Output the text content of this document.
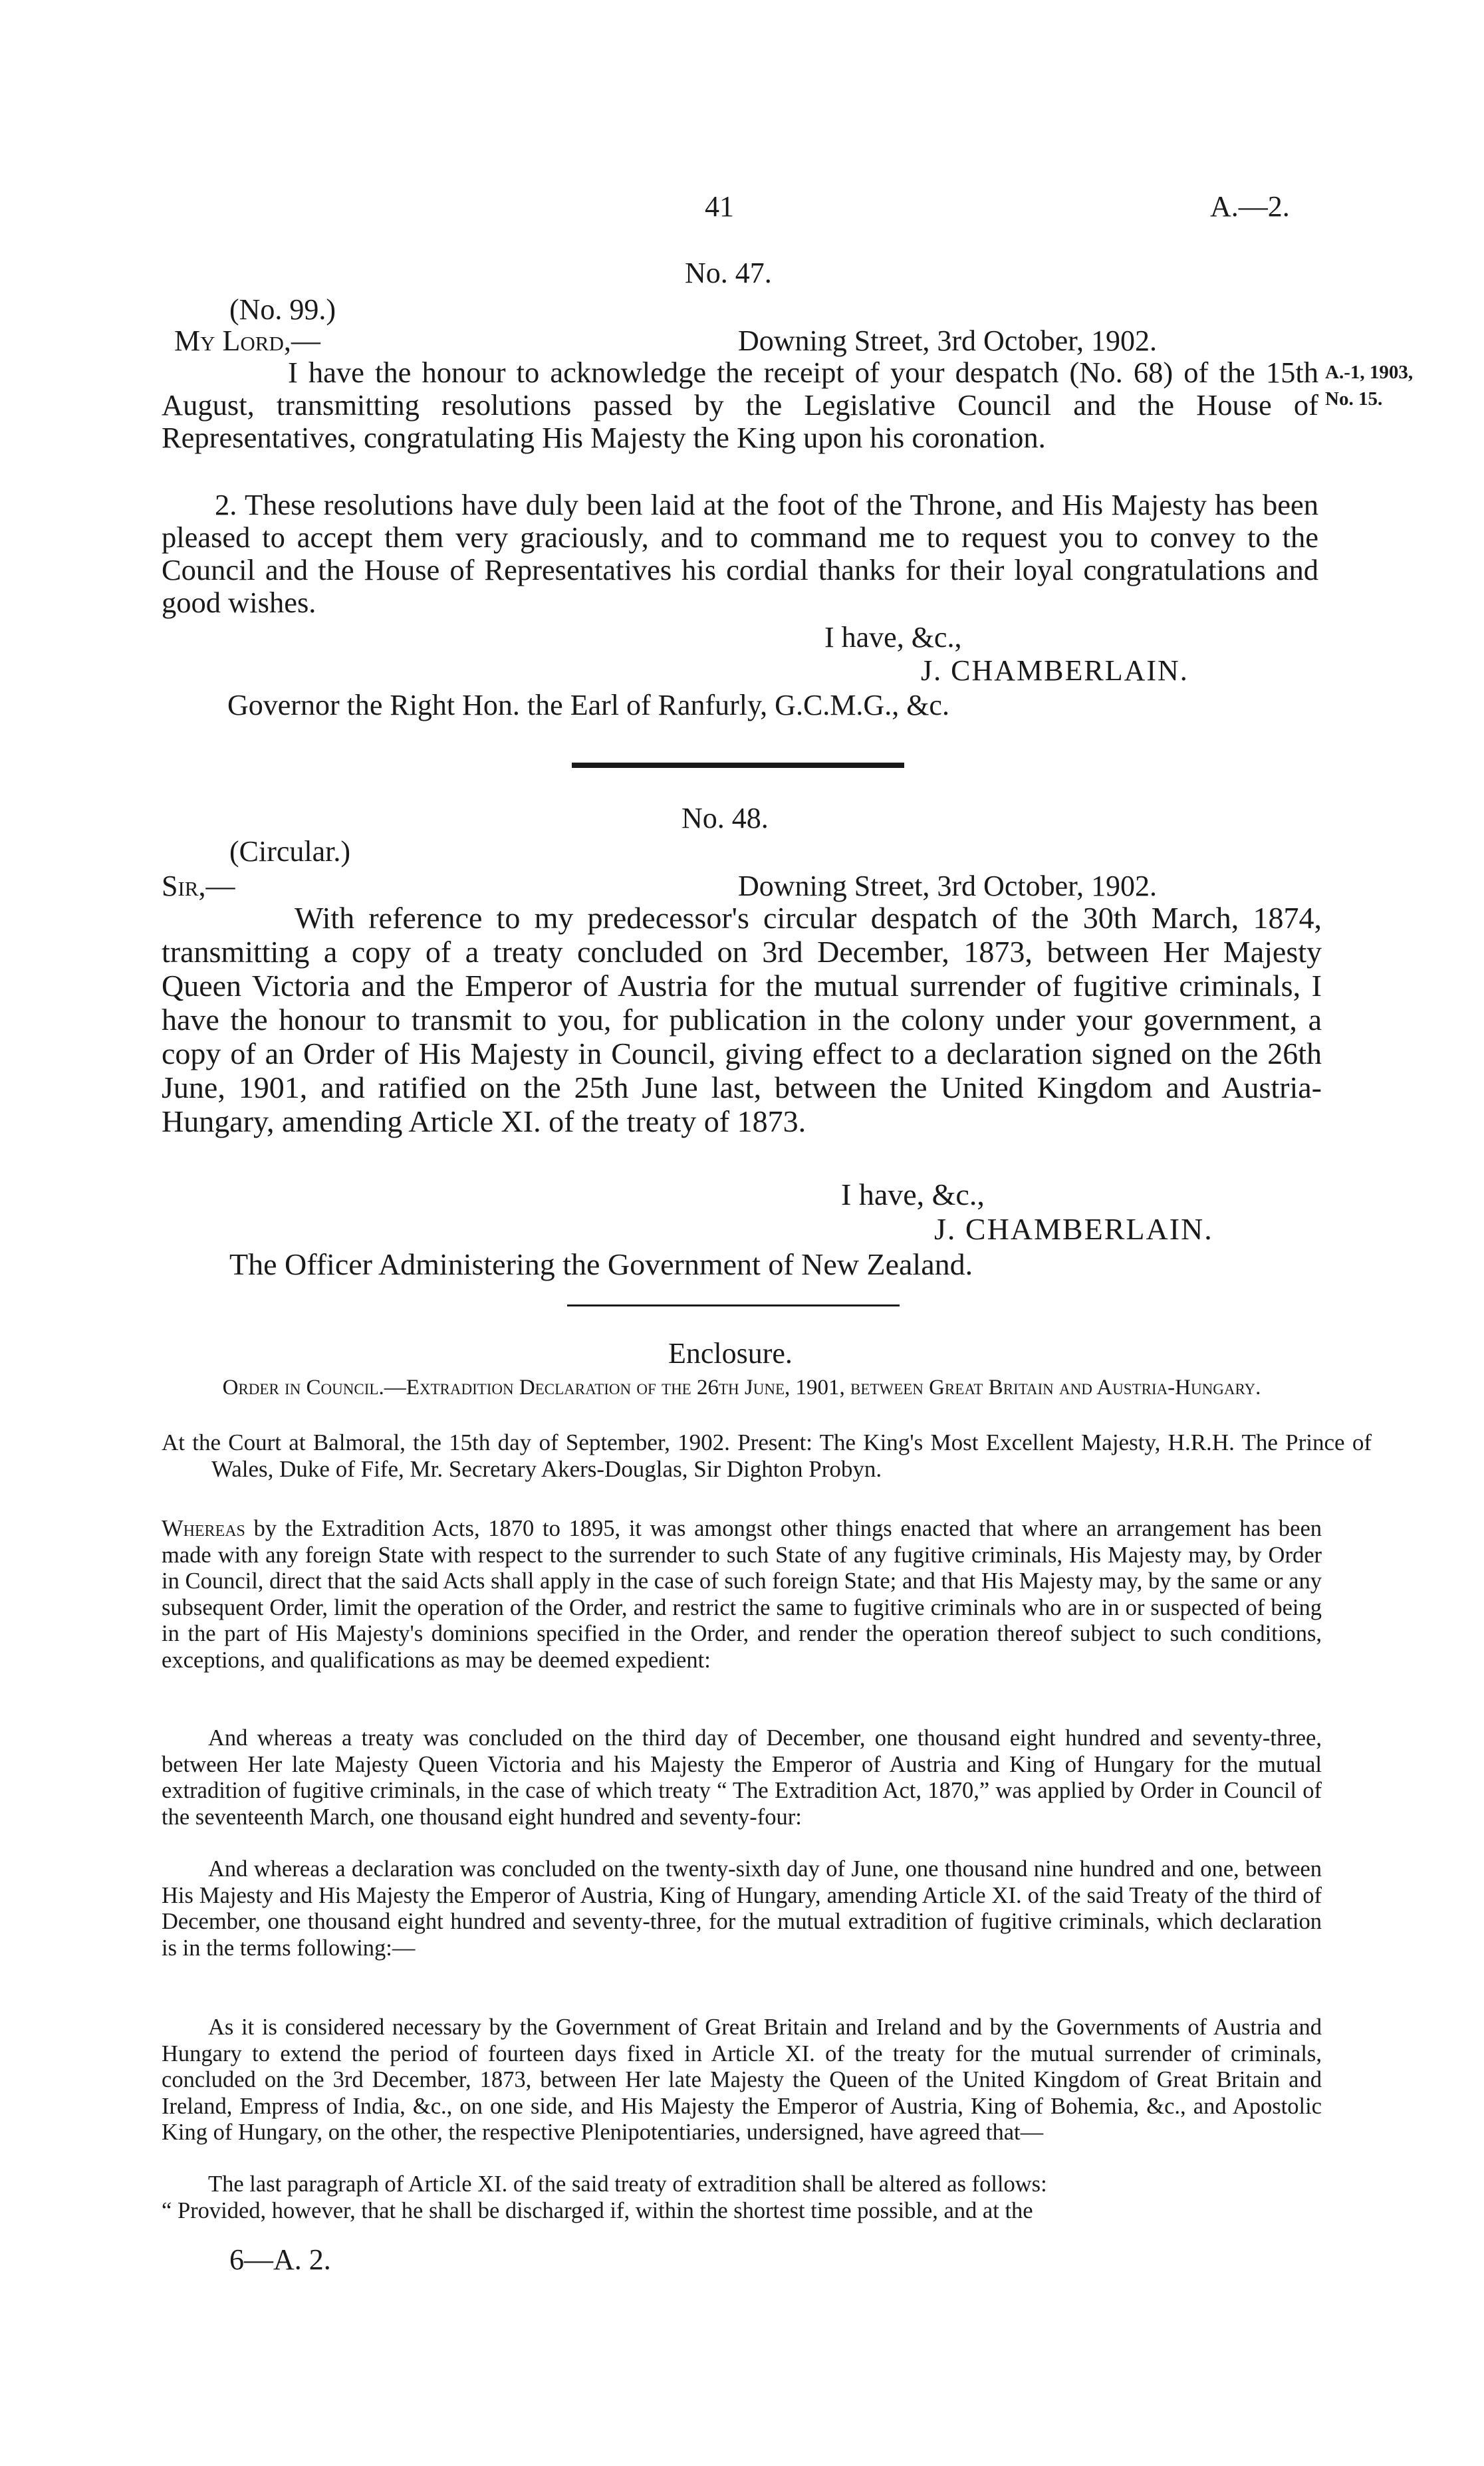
41	A.—2.
No. 47.
(No. 99.)
My Lord,—	Downing Street, 3rd October, 1902.

I have the honour to acknowledge the receipt of your despatch (No. 68) of the 15th August, transmitting resolutions passed by the Legislative Council and the House of Representatives, congratulating His Majesty the King upon his coronation.

A.-1, 1903,
No. 15.

2. These resolutions have duly been laid at the foot of the Throne, and His Majesty has been pleased to accept them very graciously, and to command me to request you to convey to the Council and the House of Representatives his cordial thanks for their loyal congratulations and good wishes.

I have, &c.,
J. CHAMBERLAIN.
Governor the Right Hon. the Earl of Ranfurly, G.C.M.G., &c.
No. 48.
(Circular.)
Sir,—	Downing Street, 3rd October, 1902.

With reference to my predecessor's circular despatch of the 30th March, 1874, transmitting a copy of a treaty concluded on 3rd December, 1873, between Her Majesty Queen Victoria and the Emperor of Austria for the mutual surrender of fugitive criminals, I have the honour to transmit to you, for publication in the colony under your government, a copy of an Order of His Majesty in Council, giving effect to a declaration signed on the 26th June, 1901, and ratified on the 25th June last, between the United Kingdom and Austria-Hungary, amending Article XI. of the treaty of 1873.

I have, &c.,
J. CHAMBERLAIN.
The Officer Administering the Government of New Zealand.
Enclosure.

Order in Council.—Extradition Declaration of the 26th June, 1901, between Great Britain and Austria-Hungary.

At the Court at Balmoral, the 15th day of September, 1902. Present: The King's Most Excellent Majesty, H.R.H. The Prince of Wales, Duke of Fife, Mr. Secretary Akers-Douglas, Sir Dighton Probyn.

Whereas by the Extradition Acts, 1870 to 1895, it was amongst other things enacted that where an arrangement has been made with any foreign State with respect to the surrender to such State of any fugitive criminals, His Majesty may, by Order in Council, direct that the said Acts shall apply in the case of such foreign State; and that His Majesty may, by the same or any subsequent Order, limit the operation of the Order, and restrict the same to fugitive criminals who are in or suspected of being in the part of His Majesty's dominions specified in the Order, and render the operation thereof subject to such conditions, exceptions, and qualifications as may be deemed expedient:

And whereas a treaty was concluded on the third day of December, one thousand eight hundred and seventy-three, between Her late Majesty Queen Victoria and his Majesty the Emperor of Austria and King of Hungary for the mutual extradition of fugitive criminals, in the case of which treaty “ The Extradition Act, 1870,” was applied by Order in Council of the seventeenth March, one thousand eight hundred and seventy-four:

And whereas a declaration was concluded on the twenty-sixth day of June, one thousand nine hundred and one, between His Majesty and His Majesty the Emperor of Austria, King of Hungary, amending Article XI. of the said Treaty of the third of December, one thousand eight hundred and seventy-three, for the mutual extradition of fugitive criminals, which declaration is in the terms following:—

As it is considered necessary by the Government of Great Britain and Ireland and by the Governments of Austria and Hungary to extend the period of fourteen days fixed in Article XI. of the treaty for the mutual surrender of criminals, concluded on the 3rd December, 1873, between Her late Majesty the Queen of the United Kingdom of Great Britain and Ireland, Empress of India, &c., on one side, and His Majesty the Emperor of Austria, King of Bohemia, &c., and Apostolic King of Hungary, on the other, the respective Plenipotentiaries, undersigned, have agreed that—

The last paragraph of Article XI. of the said treaty of extradition shall be altered as follows:

“ Provided, however, that he shall be discharged if, within the shortest time possible, and at the

6—A. 2.
